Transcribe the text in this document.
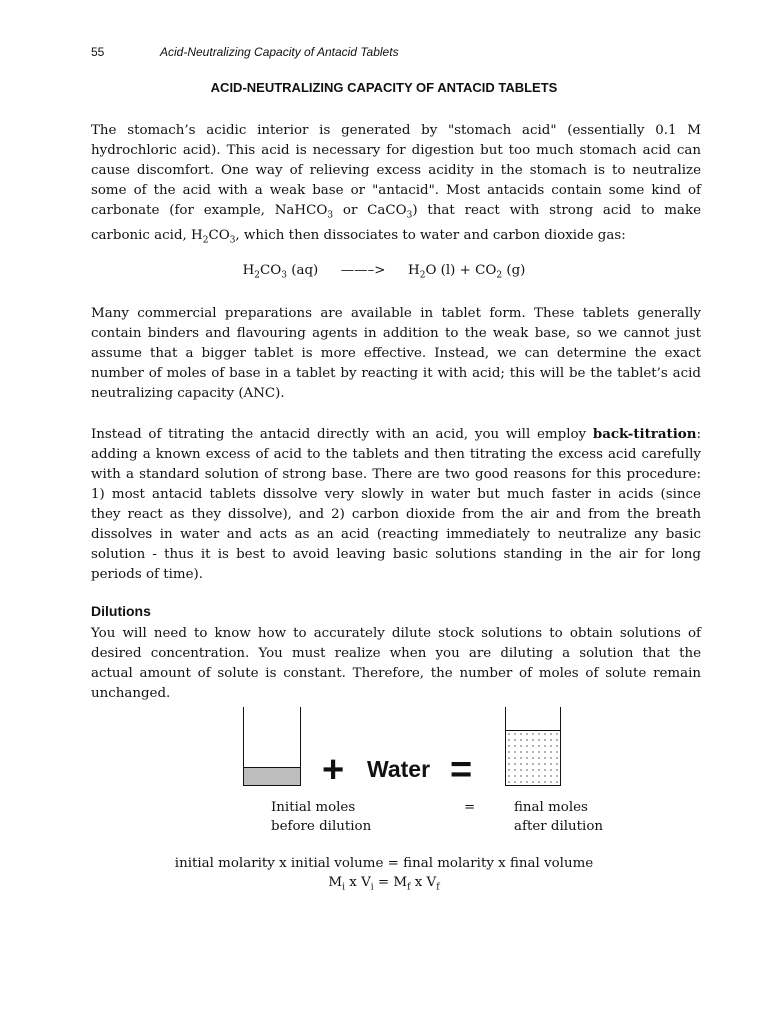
55	Acid-Neutralizing Capacity of Antacid Tablets
ACID-NEUTRALIZING CAPACITY OF ANTACID TABLETS
The stomach’s acidic interior is generated by "stomach acid" (essentially 0.1 M
hydrochloric acid). This acid is necessary for digestion but too much stomach acid can
cause discomfort. One way of relieving excess acidity in the stomach is to neutralize
some of the acid with a weak base or "antacid". Most antacids contain some kind of
carbonate (for example, NaHCO$_3$ or CaCO$_3$) that react with strong acid to make
carbonic acid, $H_2CO_3$, which then dissociates to water and carbon dioxide gas:
$H_2CO_3$ (aq) ——–> $H_2O$ $(l) + CO_2$ (g)
Many commercial preparations are available in tablet form. These tablets generally
contain binders and flavouring agents in addition to the weak base, so we cannot just
assume that a bigger tablet is more effective. Instead, we can determine the exact
number of moles of base in a tablet by reacting it with acid; this will be the tablet’s acid
neutralizing capacity (ANC).
Instead of titrating the antacid directly with an acid, you will employ back-titration:
adding a known excess of acid to the tablets and then titrating the excess acid carefully
with a standard solution of strong base. There are two good reasons for this procedure:
1) most antacid tablets dissolve very slowly in water but much faster in acids (since
they react as they dissolve), and 2) carbon dioxide from the air and from the breath
dissolves in water and acts as an acid (reacting immediately to neutralize any basic
solution - thus it is best to avoid leaving basic solutions standing in the air for long
periods of time).
Dilutions
You will need to know how to accurately dilute stock solutions to obtain solutions of
desired concentration. You must realize when you are diluting a solution that the
actual amount of solute is constant. Therefore, the number of moles of solute remain
unchanged.
+ Water =
Initial moles
before dilution
=	final moles
after dilution
initial molarity x initial volume = final molarity x final volume
$M_i$ x $V_i = M_f$ x $V_f$
